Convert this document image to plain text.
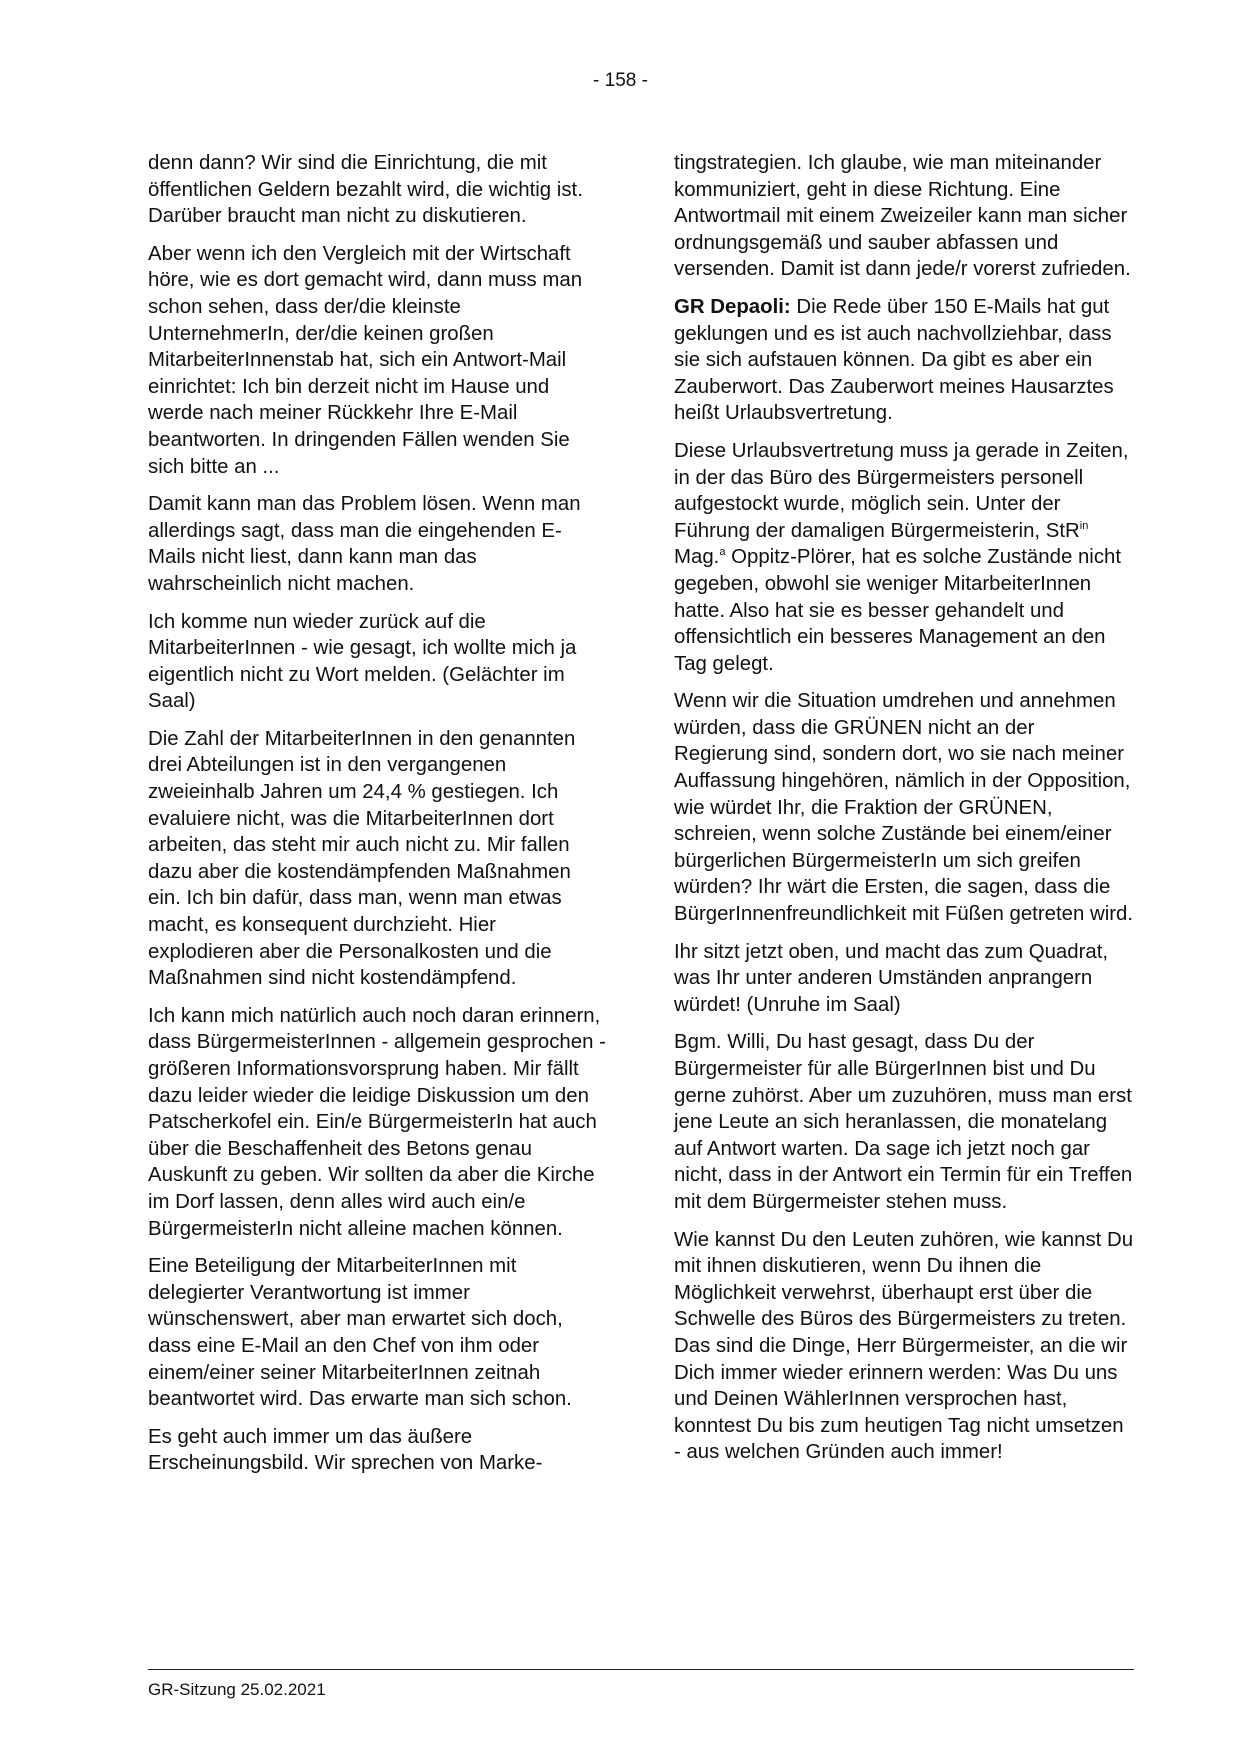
- 158 -

denn dann? Wir sind die Einrichtung, die mit öffentlichen Geldern bezahlt wird, die wichtig ist. Darüber braucht man nicht zu diskutieren.

Aber wenn ich den Vergleich mit der Wirtschaft höre, wie es dort gemacht wird, dann muss man schon sehen, dass der/die kleinste UnternehmerIn, der/die keinen großen MitarbeiterInnenstab hat, sich ein Antwort-Mail einrichtet: Ich bin derzeit nicht im Hause und werde nach meiner Rückkehr Ihre E-Mail beantworten. In dringenden Fällen wenden Sie sich bitte an ...

Damit kann man das Problem lösen. Wenn man allerdings sagt, dass man die eingehenden E-Mails nicht liest, dann kann man das wahrscheinlich nicht machen.

Ich komme nun wieder zurück auf die MitarbeiterInnen - wie gesagt, ich wollte mich ja eigentlich nicht zu Wort melden. (Gelächter im Saal)

Die Zahl der MitarbeiterInnen in den genannten drei Abteilungen ist in den vergangenen zweieinhalb Jahren um 24,4 % gestiegen. Ich evaluiere nicht, was die MitarbeiterInnen dort arbeiten, das steht mir auch nicht zu. Mir fallen dazu aber die kostendämpfenden Maßnahmen ein. Ich bin dafür, dass man, wenn man etwas macht, es konsequent durchzieht. Hier explodieren aber die Personalkosten und die Maßnahmen sind nicht kostendämpfend.

Ich kann mich natürlich auch noch daran erinnern, dass BürgermeisterInnen - allgemein gesprochen - größeren Informationsvorsprung haben. Mir fällt dazu leider wieder die leidige Diskussion um den Patscherkofel ein. Ein/e BürgermeisterIn hat auch über die Beschaffenheit des Betons genau Auskunft zu geben. Wir sollten da aber die Kirche im Dorf lassen, denn alles wird auch ein/e BürgermeisterIn nicht alleine machen können.

Eine Beteiligung der MitarbeiterInnen mit delegierter Verantwortung ist immer wünschenswert, aber man erwartet sich doch, dass eine E-Mail an den Chef von ihm oder einem/einer seiner MitarbeiterInnen zeitnah beantwortet wird. Das erwarte man sich schon.

Es geht auch immer um das äußere Erscheinungsbild. Wir sprechen von Marke-

tingstrategien. Ich glaube, wie man miteinander kommuniziert, geht in diese Richtung. Eine Antwortmail mit einem Zweizeiler kann man sicher ordnungsgemäß und sauber abfassen und versenden. Damit ist dann jede/r vorerst zufrieden.

GR Depaoli: Die Rede über 150 E-Mails hat gut geklungen und es ist auch nachvollziehbar, dass sie sich aufstauen können. Da gibt es aber ein Zauberwort. Das Zauberwort meines Hausarztes heißt Urlaubsvertretung.

Diese Urlaubsvertretung muss ja gerade in Zeiten, in der das Büro des Bürgermeisters personell aufgestockt wurde, möglich sein. Unter der Führung der damaligen Bürgermeisterin, StR$^{in}$ Mag.$^a$ Oppitz-Plörer, hat es solche Zustände nicht gegeben, obwohl sie weniger MitarbeiterInnen hatte. Also hat sie es besser gehandelt und offensichtlich ein besseres Management an den Tag gelegt.

Wenn wir die Situation umdrehen und annehmen würden, dass die GRÜNEN nicht an der Regierung sind, sondern dort, wo sie nach meiner Auffassung hingehören, nämlich in der Opposition, wie würdet Ihr, die Fraktion der GRÜNEN, schreien, wenn solche Zustände bei einem/einer bürgerlichen BürgermeisterIn um sich greifen würden? Ihr wärt die Ersten, die sagen, dass die BürgerInnenfreundlichkeit mit Füßen getreten wird.

Ihr sitzt jetzt oben, und macht das zum Quadrat, was Ihr unter anderen Umständen anprangern würdet! (Unruhe im Saal)

Bgm. Willi, Du hast gesagt, dass Du der Bürgermeister für alle BürgerInnen bist und Du gerne zuhörst. Aber um zuzuhören, muss man erst jene Leute an sich heranlassen, die monatelang auf Antwort warten. Da sage ich jetzt noch gar nicht, dass in der Antwort ein Termin für ein Treffen mit dem Bürgermeister stehen muss.

Wie kannst Du den Leuten zuhören, wie kannst Du mit ihnen diskutieren, wenn Du ihnen die Möglichkeit verwehrst, überhaupt erst über die Schwelle des Büros des Bürgermeisters zu treten. Das sind die Dinge, Herr Bürgermeister, an die wir Dich immer wieder erinnern werden: Was Du uns und Deinen WählerInnen versprochen hast, konntest Du bis zum heutigen Tag nicht umsetzen - aus welchen Gründen auch immer!

GR-Sitzung 25.02.2021
